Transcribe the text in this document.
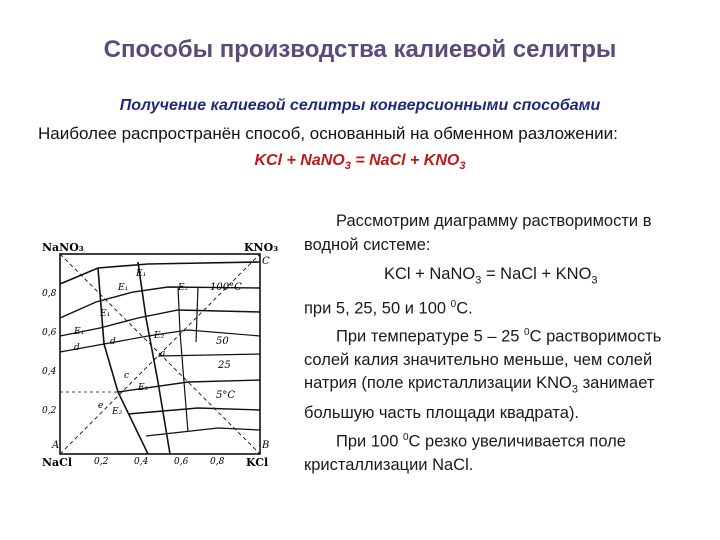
Способы производства калиевой селитры
Получение калиевой селитры конверсионными способами
Наиболее распространён способ, основанный на обменном разложении:
KCl + NaNO$_3$ = NaCl + $KNO_3$
NaNO₃	KNO₃
NaCl	KCl
A	B
C
0,8
0,6
0,4
0,2
0,2	0,4	0,6 0,8
100°C
50
25
5°C
E₁
E₁
E₁
E₂
E₂
E₂
E₁
d
d
c
a
e
E₂

Рассмотрим диаграмму растворимости в водной системе:

KCl + NaNO$_3$ = NaCl + $KNO_3$

при 5, 25, 50 и 100 $^0$С.

При температуре 5 – 25 $^0$С растворимость солей калия значительно меньше, чем солей натрия (поле кристаллизации $KNO_3$ занимает большую часть площади квадрата).

При 100 $^0$С резко увеличивается поле кристаллизации NaCl.
